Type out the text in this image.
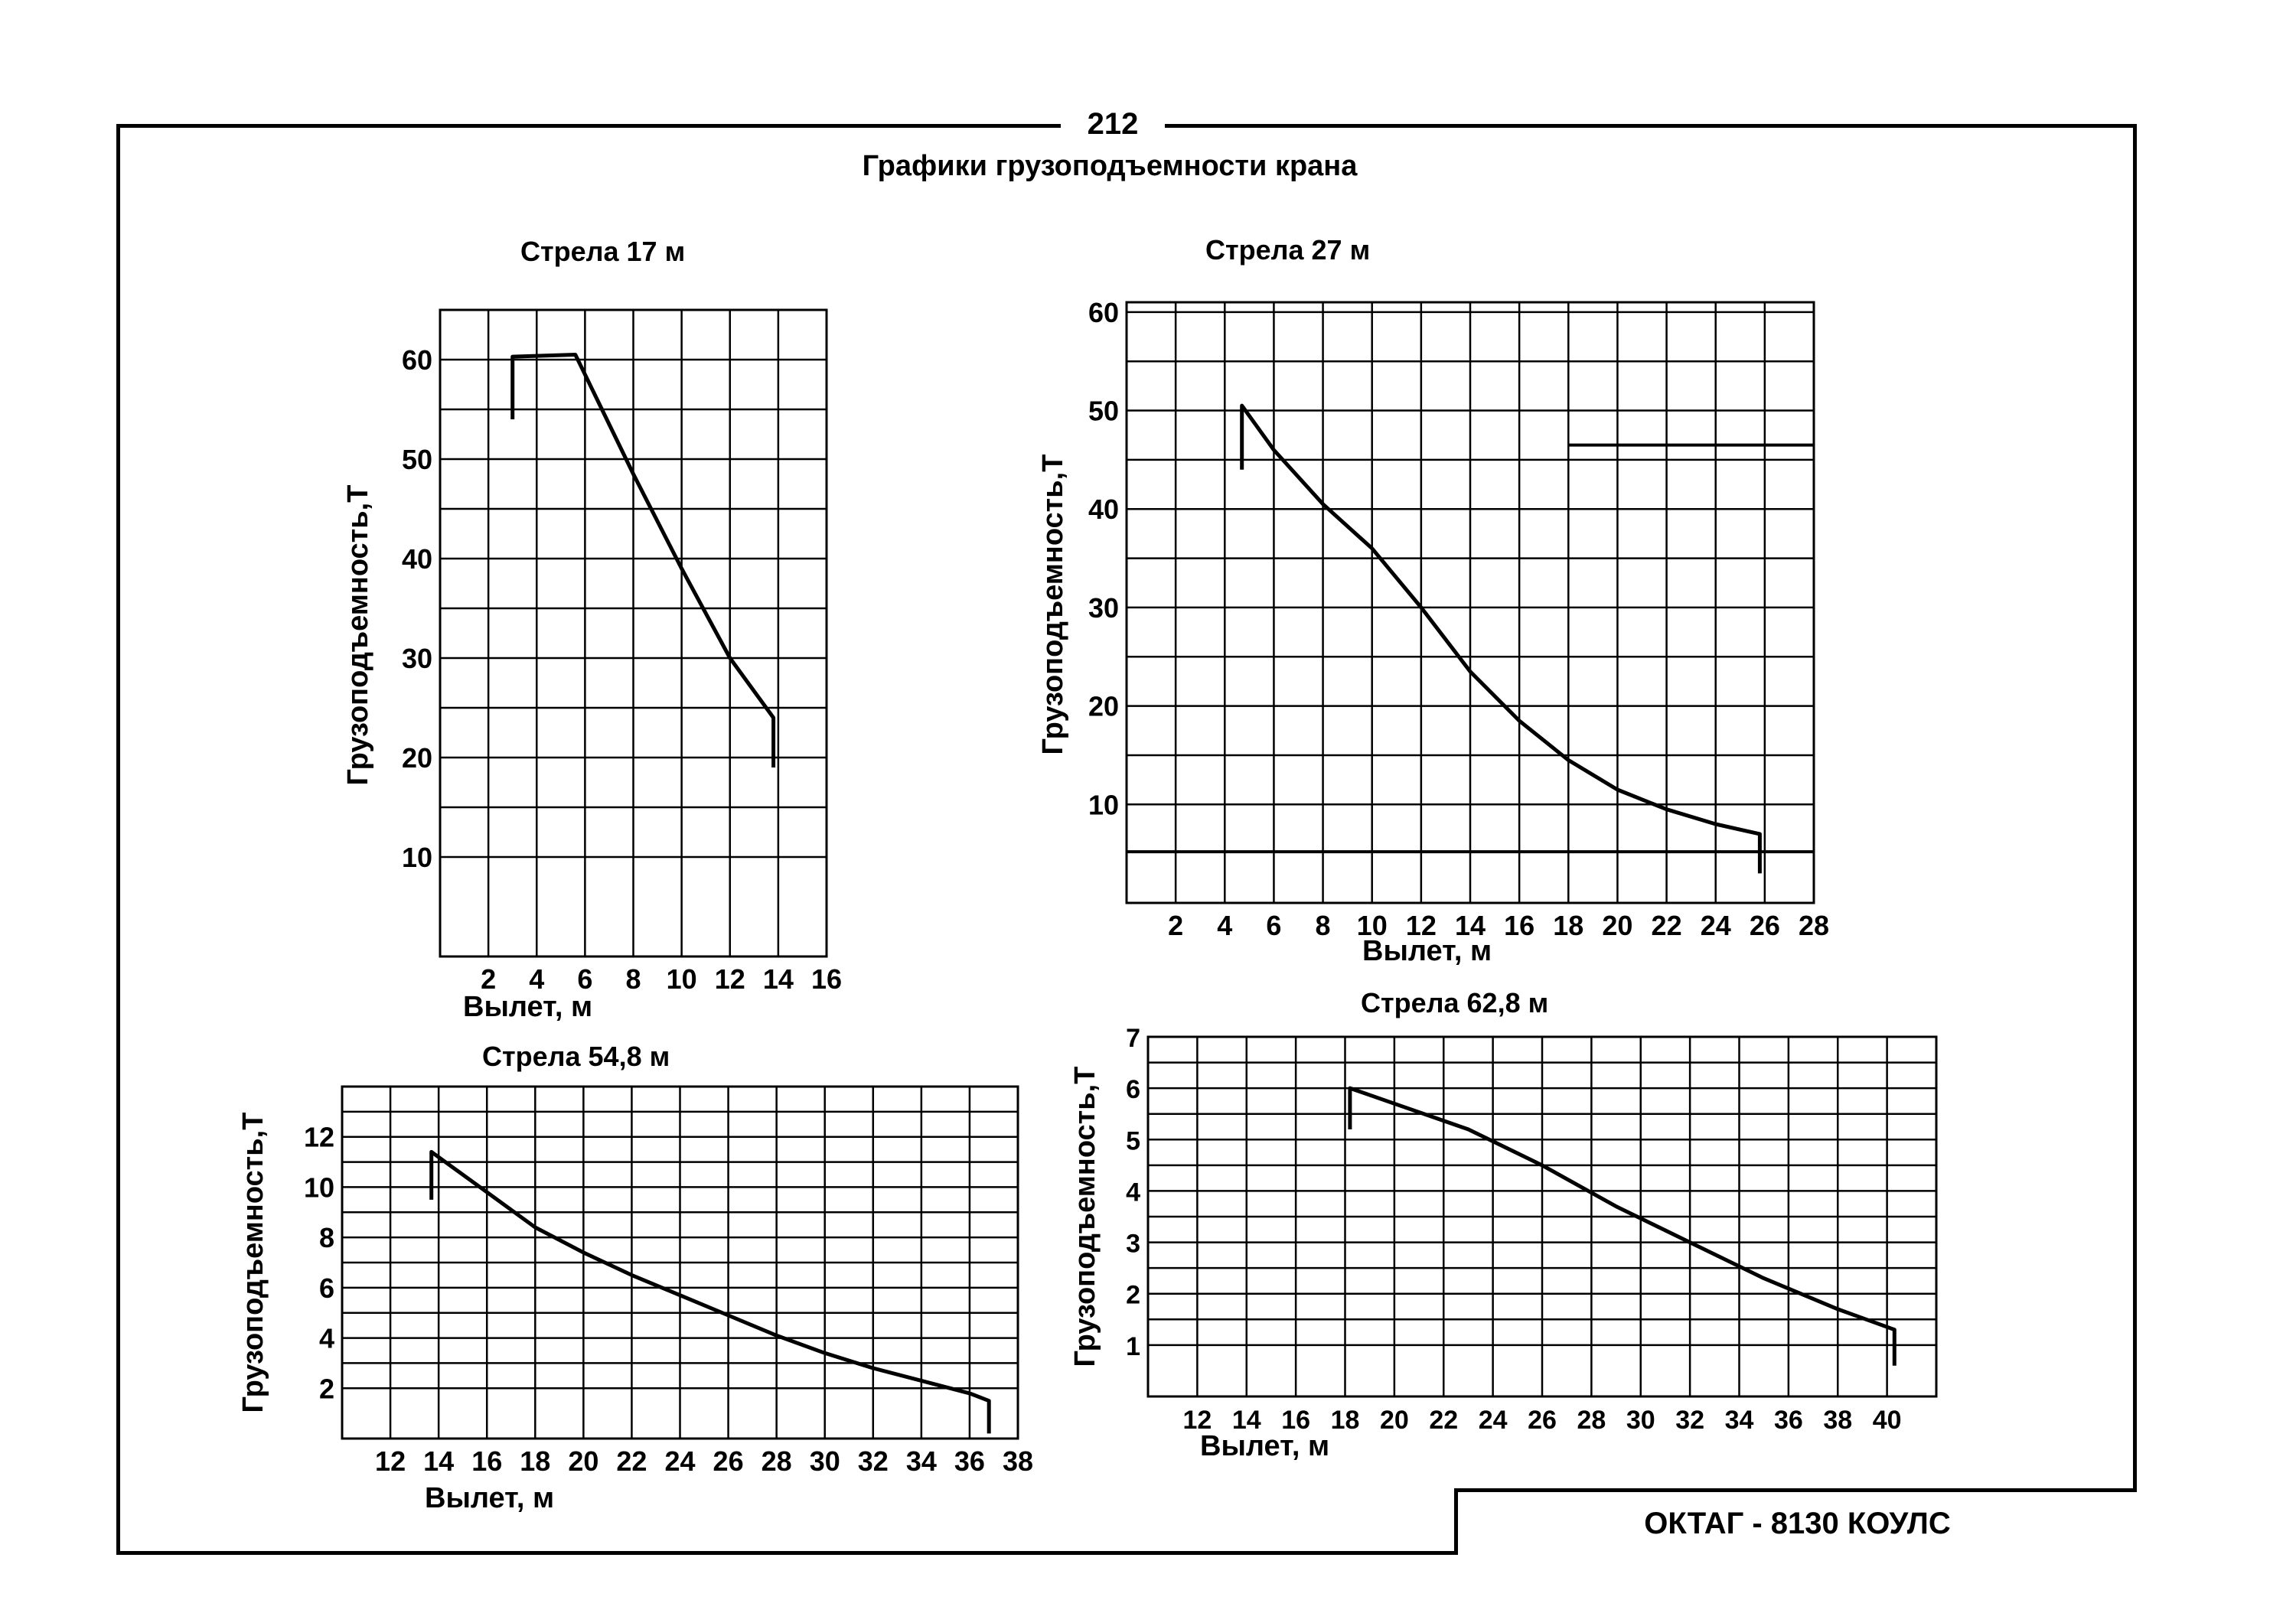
212
Графики грузоподъемности крана
Стрела 17 м	Стрела 27 м
Стрела 54,8 м
Стрела 62,8 м
2 4 6 8 10 12 14 16
10
20
30
40
50
60
Вылет, м
Грузоподъемность,Т
2 4 6 8 10 12 14 16 18 20 22 24 26 28
10
20
30
40
50
60
Вылет, м
Грузоподъемность,Т
12 14 16 18 20 22 24 26 28 30 32 34 36 38
2
4
6
8
10
12
Вылет, м
Грузоподъемность,Т
12 14 16 18 20 22 24 26 28 30 32 34 36 38 40
1
2
3
4
5
6
7
Вылет, м
Грузоподъемность,Т
ОКТАГ - 8130 КОУЛС
